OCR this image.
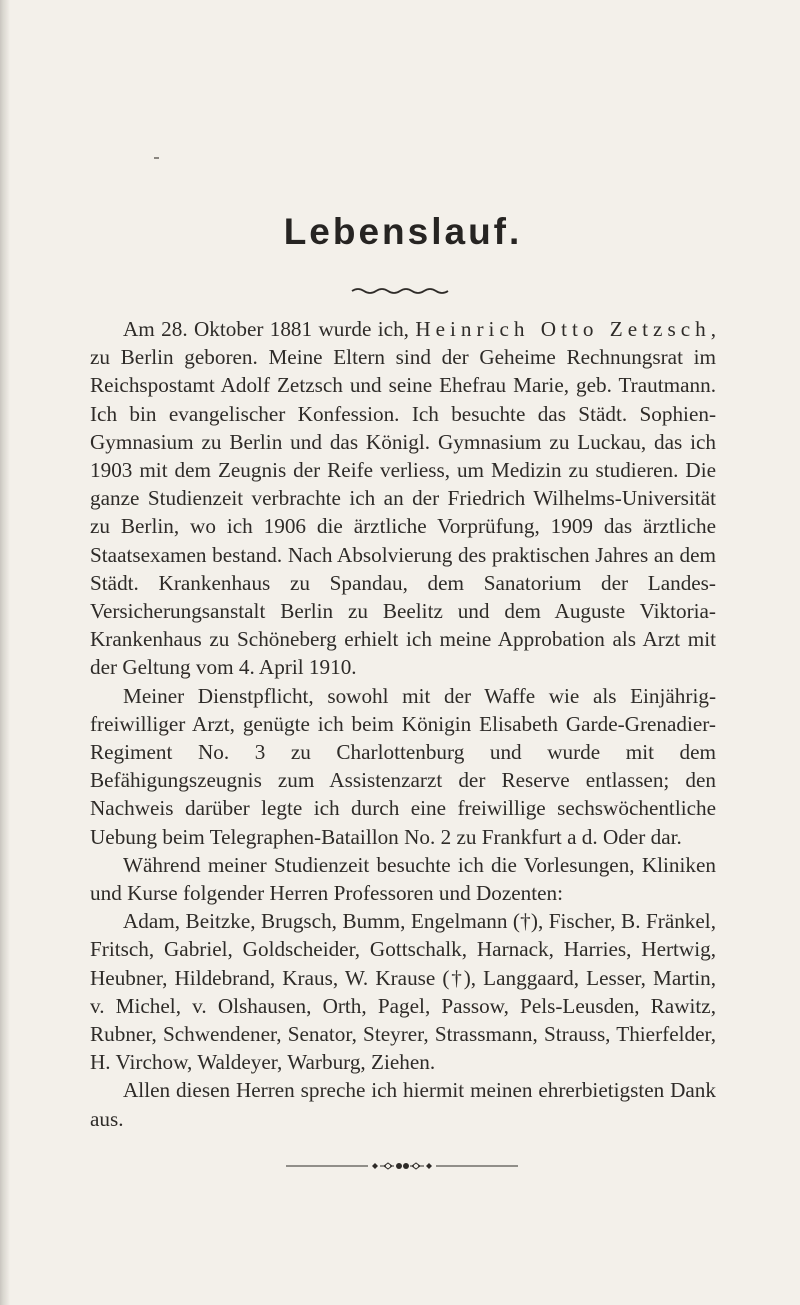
Lebenslauf.

Am 28. Oktober 1881 wurde ich, Heinrich Otto Zetzsch, zu Berlin geboren. Meine Eltern sind der Geheime Rechnungsrat im Reichspostamt Adolf Zetzsch und seine Ehefrau Marie, geb. Trautmann. Ich bin evangelischer Konfession. Ich besuchte das Städt. Sophien-Gymnasium zu Berlin und das Königl. Gymnasium zu Luckau, das ich 1903 mit dem Zeugnis der Reife verliess, um Medizin zu studieren. Die ganze Studienzeit verbrachte ich an der Friedrich Wilhelms-Universität zu Berlin, wo ich 1906 die ärztliche Vorprüfung, 1909 das ärztliche Staatsexamen bestand. Nach Absolvierung des praktischen Jahres an dem Städt. Krankenhaus zu Spandau, dem Sanatorium der Landes-Versicherungsanstalt Berlin zu Beelitz und dem Auguste Viktoria-Krankenhaus zu Schöneberg erhielt ich meine Approbation als Arzt mit der Geltung vom 4. April 1910.

Meiner Dienstpflicht, sowohl mit der Waffe wie als Einjährig-freiwilliger Arzt, genügte ich beim Königin Elisabeth Garde-Grenadier-Regiment No. 3 zu Charlottenburg und wurde mit dem Befähigungszeugnis zum Assistenzarzt der Reserve entlassen; den Nachweis darüber legte ich durch eine freiwillige sechswöchentliche Uebung beim Telegraphen-Bataillon No. 2 zu Frankfurt a d. Oder dar.

Während meiner Studienzeit besuchte ich die Vorlesungen, Kliniken und Kurse folgender Herren Professoren und Dozenten:

Adam, Beitzke, Brugsch, Bumm, Engelmann (†), Fischer, B. Fränkel, Fritsch, Gabriel, Goldscheider, Gottschalk, Harnack, Harries, Hertwig, Heubner, Hildebrand, Kraus, W. Krause (†), Langgaard, Lesser, Martin, v. Michel, v. Olshausen, Orth, Pagel, Passow, Pels-Leusden, Rawitz, Rubner, Schwendener, Senator, Steyrer, Strassmann, Strauss, Thierfelder, H. Virchow, Waldeyer, Warburg, Ziehen.

Allen diesen Herren spreche ich hiermit meinen ehrerbietigsten Dank aus.
